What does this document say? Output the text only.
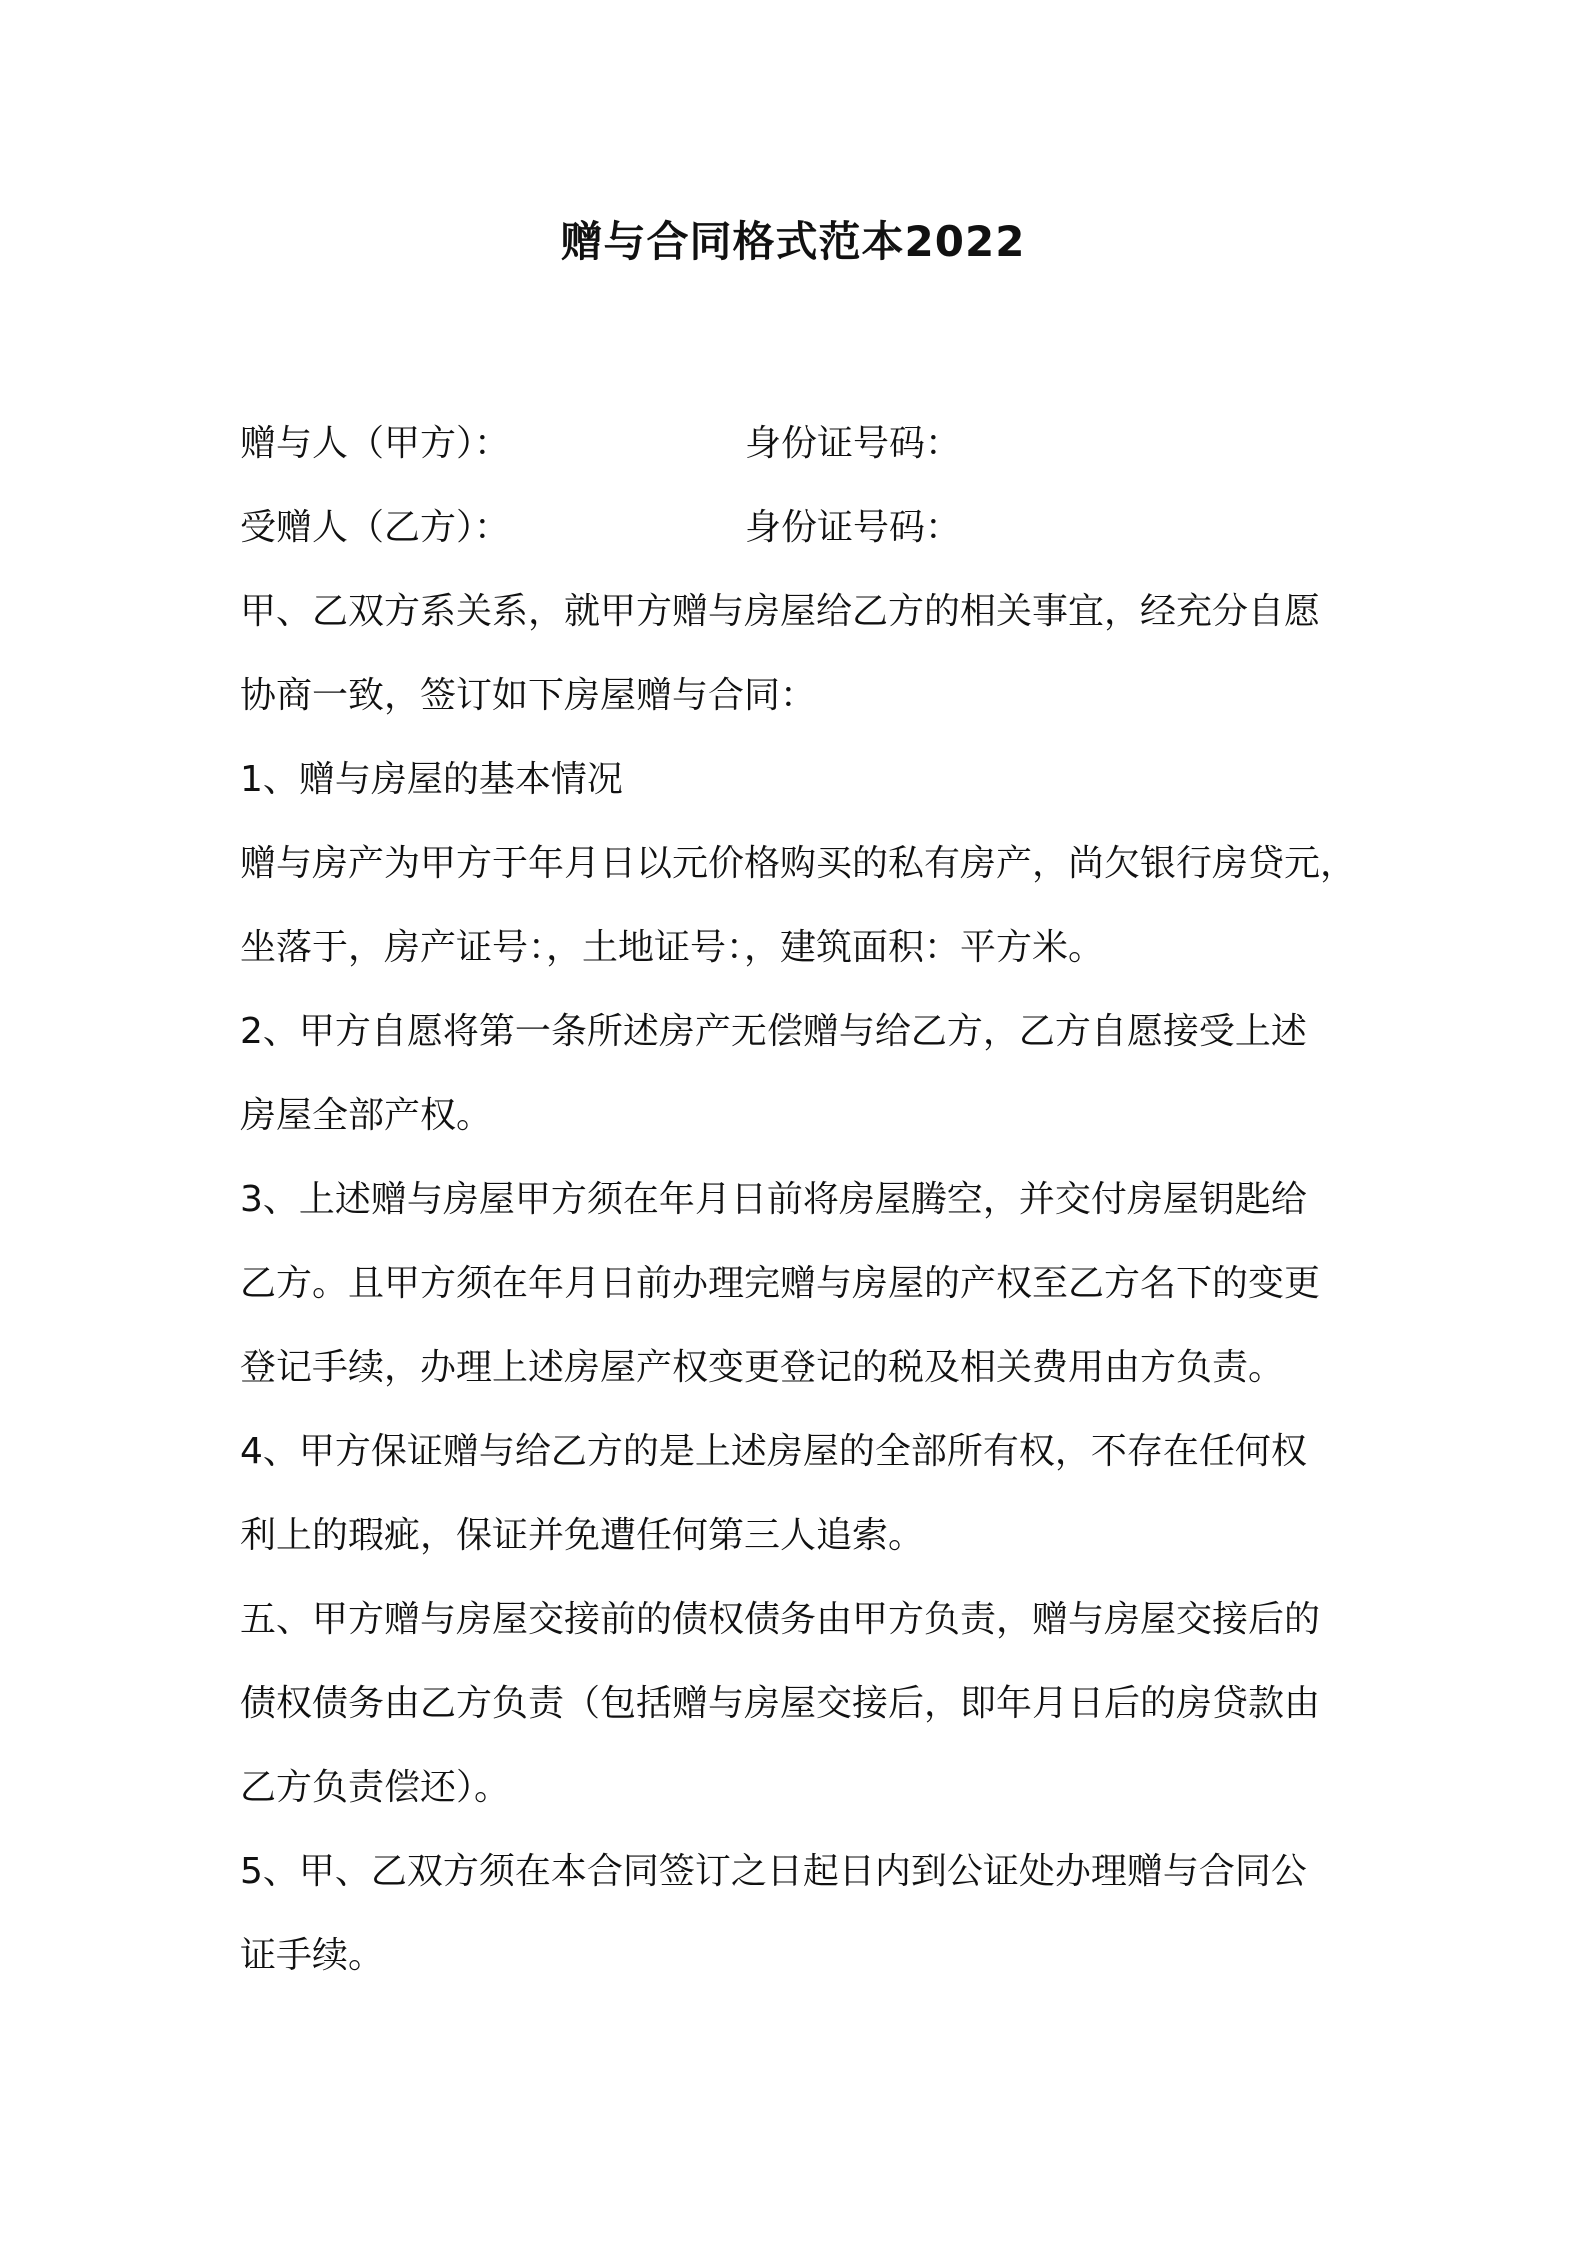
赠与合同格式范本2022
赠与人（甲方）：	身份证号码：
受赠人（乙方）：	身份证号码：
甲、乙双方系关系，就甲方赠与房屋给乙方的相关事宜，经充分自愿
协商一致，签订如下房屋赠与合同：
1、赠与房屋的基本情况
赠与房产为甲方于年月日以元价格购买的私有房产，尚欠银行房贷元，
坐落于，房产证号：，土地证号：，建筑面积：平方米。
2、甲方自愿将第一条所述房产无偿赠与给乙方，乙方自愿接受上述
房屋全部产权。
3、上述赠与房屋甲方须在年月日前将房屋腾空，并交付房屋钥匙给
乙方。且甲方须在年月日前办理完赠与房屋的产权至乙方名下的变更
登记手续，办理上述房屋产权变更登记的税及相关费用由方负责。
4、甲方保证赠与给乙方的是上述房屋的全部所有权，不存在任何权
利上的瑕疵，保证并免遭任何第三人追索。
五、甲方赠与房屋交接前的债权债务由甲方负责，赠与房屋交接后的
债权债务由乙方负责（包括赠与房屋交接后，即年月日后的房贷款由
乙方负责偿还）。
5、甲、乙双方须在本合同签订之日起日内到公证处办理赠与合同公
证手续。
